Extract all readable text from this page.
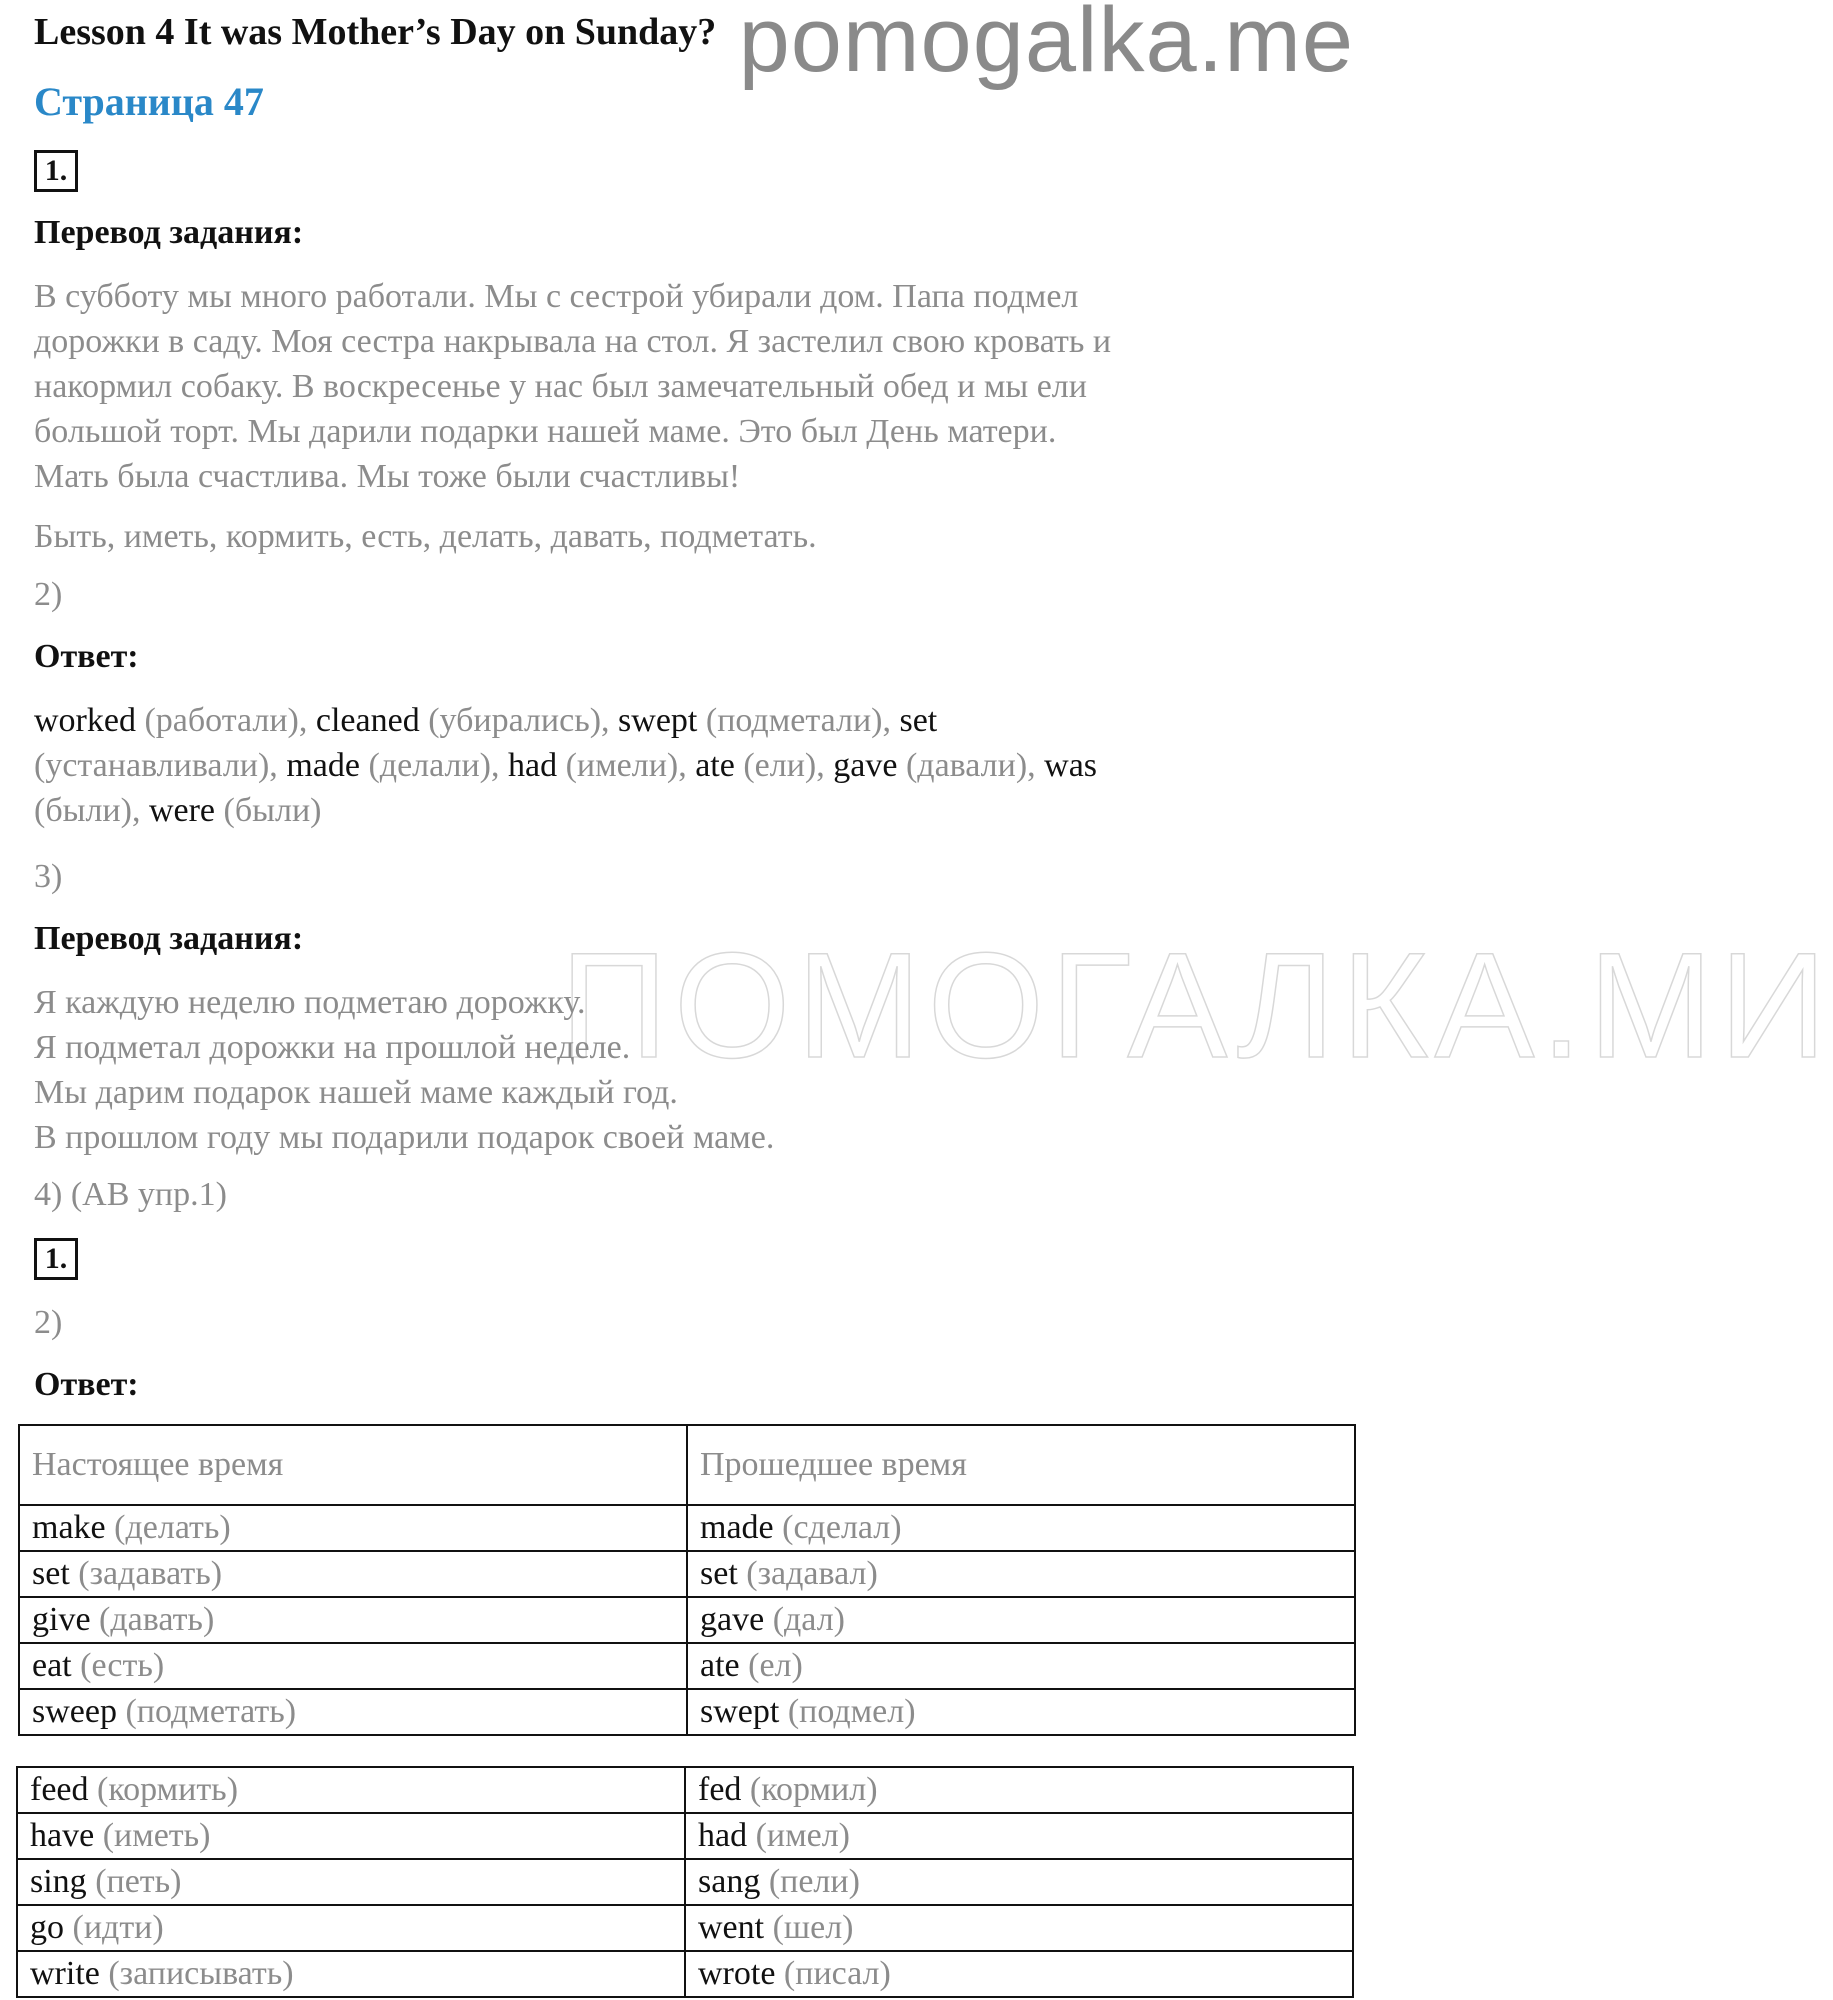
ПОМОГАЛКА.МИ
Lesson 4 It was Mother’s Day on Sunday?
Страница 47
1.
Перевод задания:

В субботу мы много работали. Мы с сестрой убирали дом. Папа подмел

дорожки в саду. Моя сестра накрывала на стол. Я застелил свою кровать и

накормил собаку. В воскресенье у нас был замечательный обед и мы ели

большой торт. Мы дарили подарки нашей маме. Это был День матери.

Мать была счастлива. Мы тоже были счастливы!

Быть, иметь, кормить, есть, делать, давать, подметать.
2)
Ответ:
worked (работали), cleaned (убирались), swept (подметали), set
(устанавливали), made (делали), had (имели), ate (ели), gave (давали), was
(были), were (были)
3)
Перевод задания:

Я каждую неделю подметаю дорожку.

Я подметал дорожки на прошлой неделе.

Мы дарим подарок нашей маме каждый год.

В прошлом году мы подарили подарок своей маме.

4) (AB упр.1)
1.
2)
Ответ:
Настоящее время	Прошедшее время
make (делать)	made (сделал)
set (задавать)	set (задавал)
give (давать)	gave (дал)
eat (есть)	ate (ел)
sweep (подметать)	swept (подмел)
feed (кормить)	fed (кормил)
have (иметь)	had (имел)
sing (петь)	sang (пели)
go (идти)	went (шел)
write (записывать)	wrote (писал)
pomogalka.me
